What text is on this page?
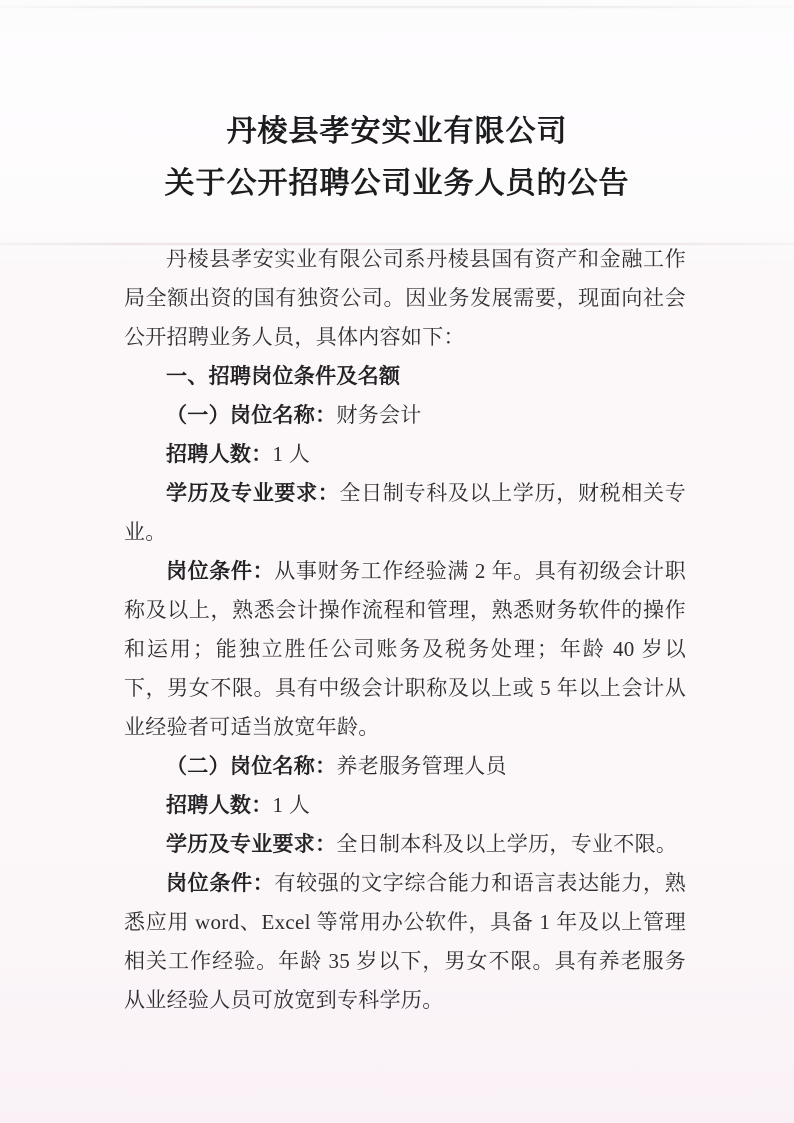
丹棱县孝安实业有限公司
关于公开招聘公司业务人员的公告

丹棱县孝安实业有限公司系丹棱县国有资产和金融工作局全额出资的国有独资公司。因业务发展需要，现面向社会公开招聘业务人员，具体内容如下：

一、招聘岗位条件及名额

（一）岗位名称：财务会计

招聘人数：1 人

学历及专业要求：全日制专科及以上学历，财税相关专业。

岗位条件：从事财务工作经验满 2 年。具有初级会计职称及以上，熟悉会计操作流程和管理，熟悉财务软件的操作和运用；能独立胜任公司账务及税务处理；年龄 40 岁以下，男女不限。具有中级会计职称及以上或 5 年以上会计从业经验者可适当放宽年龄。

（二）岗位名称：养老服务管理人员

招聘人数：1 人

学历及专业要求：全日制本科及以上学历，专业不限。

岗位条件：有较强的文字综合能力和语言表达能力，熟悉应用 word、Excel 等常用办公软件，具备 1 年及以上管理相关工作经验。年龄 35 岁以下，男女不限。具有养老服务从业经验人员可放宽到专科学历。
